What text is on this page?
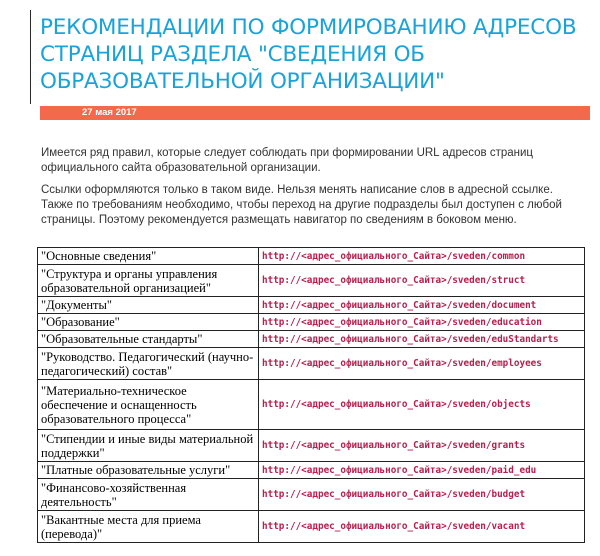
РЕКОМЕНДАЦИИ ПО ФОРМИРОВАНИЮ АДРЕСОВ СТРАНИЦ РАЗДЕЛА "СВЕДЕНИЯ ОБ ОБРАЗОВАТЕЛЬНОЙ ОРГАНИЗАЦИИ"
27 мая 2017

Имеется ряд правил, которые следует соблюдать при формировании URL адресов страниц официального сайта образовательной организации.

Ссылки оформляются только в таком виде. Нельзя менять написание слов в адресной ссылке. Также по требованиям необходимо, чтобы переход на другие подразделы был доступен с любой страницы. Поэтому рекомендуется размещать навигатор по сведениям в боковом меню.

"Основные сведения"	http://<адрес_официального_Сайта>/sveden/common
"Структура и органы управления образовательной организацией"	http://<адрес_официального_Сайта>/sveden/struct
"Документы"	http://<адрес_официального_Сайта>/sveden/document
"Образование"	http://<адрес_официального_Сайта>/sveden/education
"Образовательные стандарты"	http://<адрес_официального_Сайта>/sveden/eduStandarts
"Руководство. Педагогический (научно-педагогический) состав"	http://<адрес_официального_Сайта>/sveden/employees
"Материально-техническое обеспечение и оснащенность образовательного процесса"	http://<адрес_официального_Сайта>/sveden/objects
"Стипендии и иные виды материальной поддержки"	http://<адрес_официального_Сайта>/sveden/grants
"Платные образовательные услуги"	http://<адрес_официального_Сайта>/sveden/paid_edu
"Финансово-хозяйственная деятельность"	http://<адрес_официального_Сайта>/sveden/budget
"Вакантные места для приема (перевода)"	http://<адрес_официального_Сайта>/sveden/vacant
